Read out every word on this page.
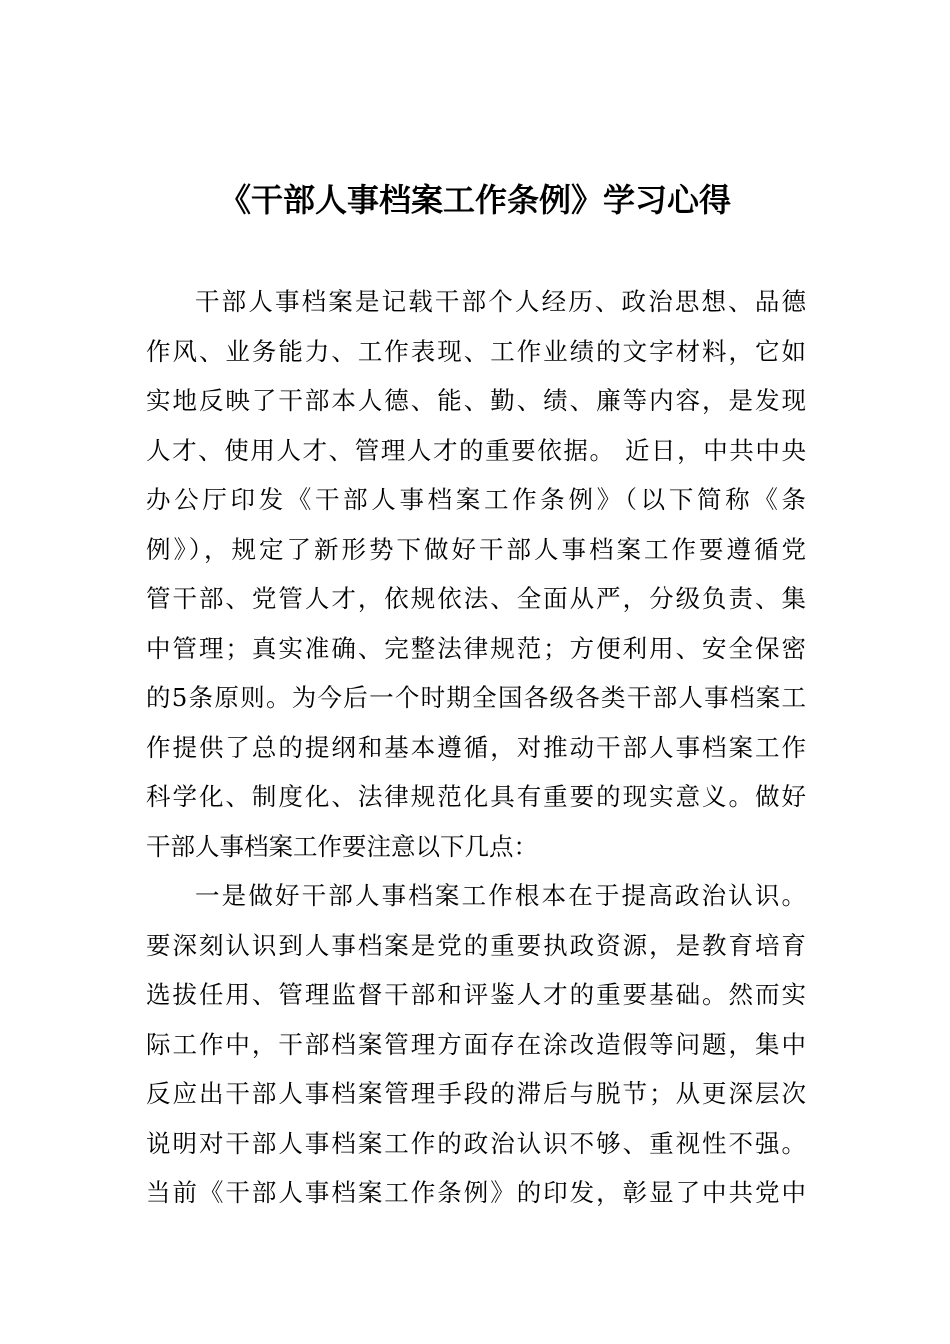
《干部人事档案工作条例》学习心得
干部人事档案是记载干部个人经历、政治思想、品德
作风、业务能力、工作表现、工作业绩的文字材料，它如
实地反映了干部本人德、能、勤、绩、廉等内容，是发现
人才、使用人才、管理人才的重要依据。 近日，中共中央
办公厅印发《干部人事档案工作条例》（以下简称《条
例》），规定了新形势下做好干部人事档案工作要遵循党
管干部、党管人才，依规依法、全面从严，分级负责、集
中管理；真实准确、完整法律规范；方便利用、安全保密
的5条原则。为今后一个时期全国各级各类干部人事档案工
作提供了总的提纲和基本遵循，对推动干部人事档案工作
科学化、制度化、法律规范化具有重要的现实意义。做好
干部人事档案工作要注意以下几点：
一是做好干部人事档案工作根本在于提高政治认识。
要深刻认识到人事档案是党的重要执政资源，是教育培育
选拔任用、管理监督干部和评鉴人才的重要基础。然而实
际工作中，干部档案管理方面存在涂改造假等问题，集中
反应出干部人事档案管理手段的滞后与脱节；从更深层次
说明对干部人事档案工作的政治认识不够、重视性不强。
当前《干部人事档案工作条例》的印发，彰显了中共党中
